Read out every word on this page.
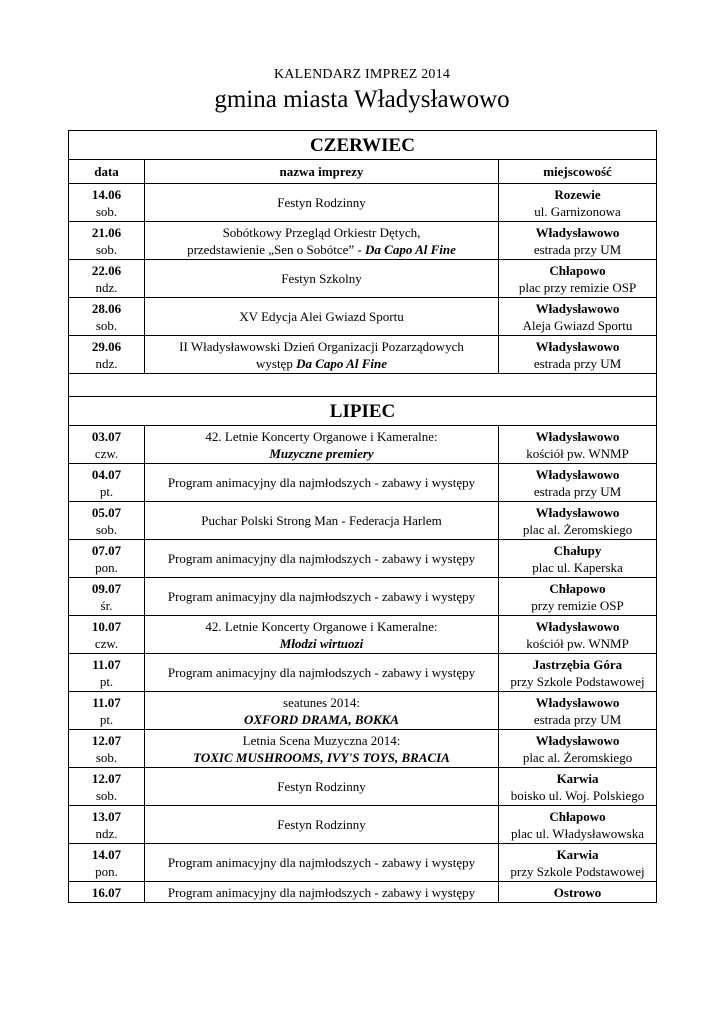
KALENDARZ IMPREZ 2014
gmina miasta Władysławowo
CZERWIEC		
data	nazwa imprezy	miejscowość

14.06
sob.	Festyn Rodzinny	Rozewie
ul. Garnizonowa

21.06
sob.	Sobótkowy Przegląd Orkiestr Dętych,
przedstawienie „Sen o Sobótce” - Da Capo Al Fine	Władysławowo
estrada przy UM

22.06
ndz.	Festyn Szkolny	Chłapowo
plac przy remizie OSP

28.06
sob.	XV Edycja Alei Gwiazd Sportu	Władysławowo
Aleja Gwiazd Sportu

29.06
ndz.	II Władysławowski Dzień Organizacji Pozarządowych
występ Da Capo Al Fine	Władysławowo
estrada przy UM

LIPIEC		

03.07
czw.	42. Letnie Koncerty Organowe i Kameralne:
Muzyczne premiery	Władysławowo
kościół pw. WNMP

04.07
pt.	Program animacyjny dla najmłodszych - zabawy i występy	Władysławowo
estrada przy UM

05.07
sob.	Puchar Polski Strong Man - Federacja Harlem	Władysławowo
plac al. Żeromskiego

07.07
pon.	Program animacyjny dla najmłodszych - zabawy i występy	Chałupy
plac ul. Kaperska

09.07
śr.	Program animacyjny dla najmłodszych - zabawy i występy	Chłapowo
przy remizie OSP

10.07
czw.	42. Letnie Koncerty Organowe i Kameralne:
Młodzi wirtuozi	Władysławowo
kościół pw. WNMP

11.07
pt.	Program animacyjny dla najmłodszych - zabawy i występy	Jastrzębia Góra
przy Szkole Podstawowej

11.07
pt.	seatunes 2014:
OXFORD DRAMA, BOKKA	Władysławowo
estrada przy UM

12.07
sob.	Letnia Scena Muzyczna 2014:
TOXIC MUSHROOMS, IVY'S TOYS, BRACIA	Władysławowo
plac al. Żeromskiego

12.07
sob.	Festyn Rodzinny	Karwia
boisko ul. Woj. Polskiego

13.07
ndz.	Festyn Rodzinny	Chłapowo
plac ul. Władysławowska

14.07
pon.	Program animacyjny dla najmłodszych - zabawy i występy	Karwia
przy Szkole Podstawowej

16.07	Program animacyjny dla najmłodszych - zabawy i występy	Ostrowo
